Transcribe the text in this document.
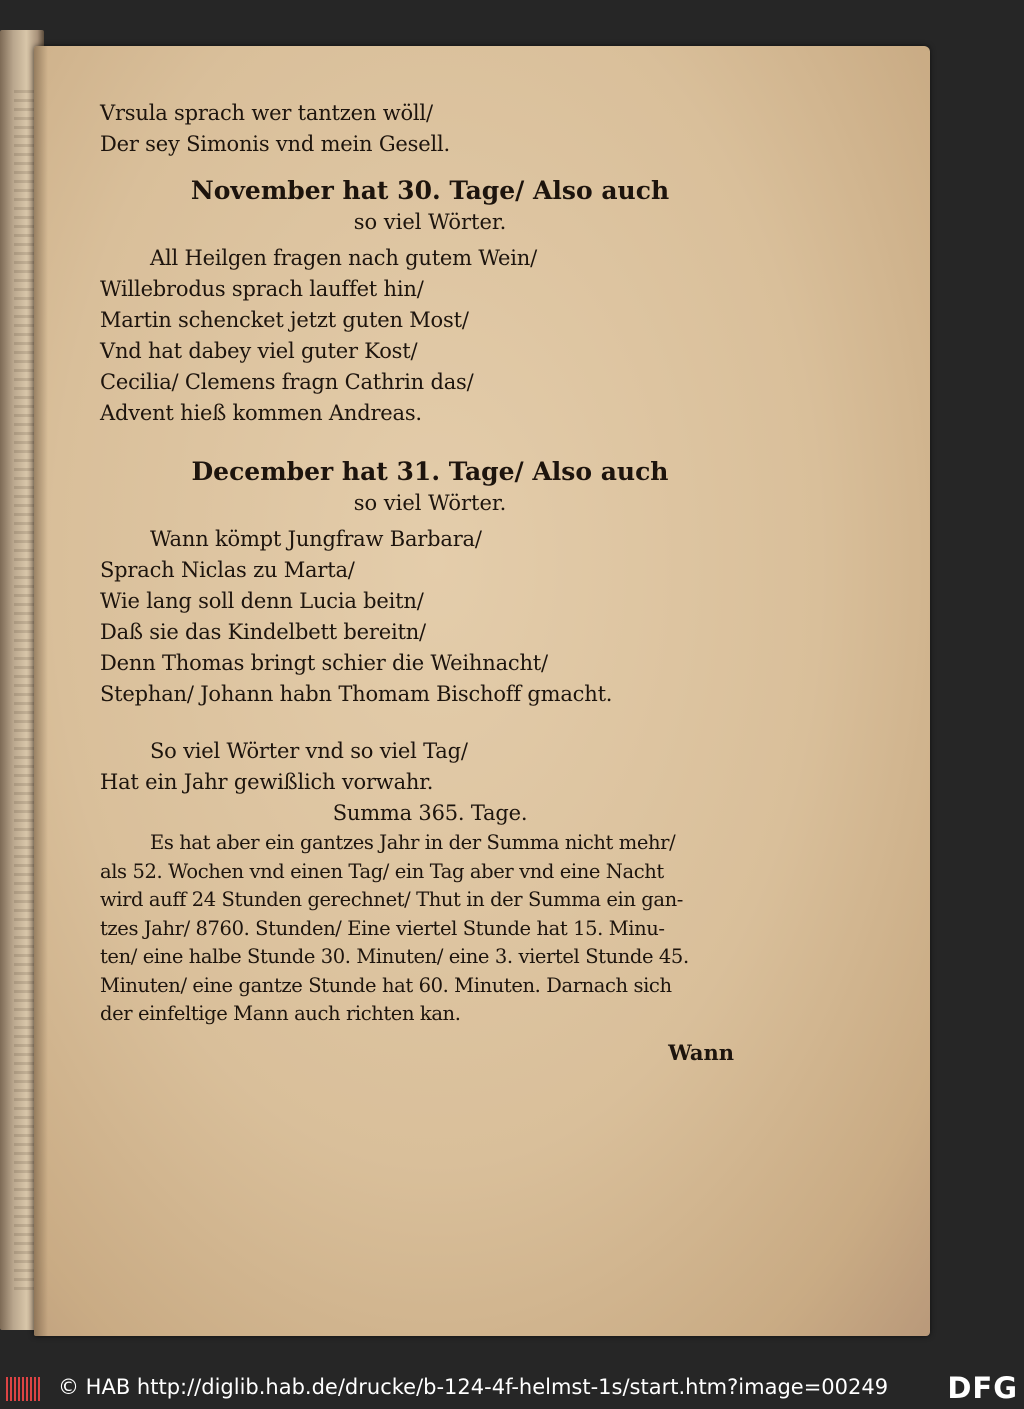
Vrsula sprach wer tantzen wöll/
Der sey Simonis vnd mein Gesell.
November hat 30. Tage/ Also auch
so viel Wörter.
All Heilgen fragen nach gutem Wein/
Willebrodus sprach lauffet hin/
Martin schencket jetzt guten Most/
Vnd hat dabey viel guter Kost/
Cecilia/ Clemens fragn Cathrin das/
Advent hieß kommen Andreas.
December hat 31. Tage/ Also auch
so viel Wörter.
Wann kömpt Jungfraw Barbara/
Sprach Niclas zu Marta/
Wie lang soll denn Lucia beitn/
Daß sie das Kindelbett bereitn/
Denn Thomas bringt schier die Weihnacht/
Stephan/ Johann habn Thomam Bischoff gmacht.
So viel Wörter vnd so viel Tag/
Hat ein Jahr gewißlich vorwahr.
Summa 365. Tage.
Es hat aber ein gantzes Jahr in der Summa nicht mehr/
als 52. Wochen vnd einen Tag/ ein Tag aber vnd eine Nacht
wird auff 24 Stunden gerechnet/ Thut in der Summa ein gan-
tzes Jahr/ 8760. Stunden/ Eine viertel Stunde hat 15. Minu-
ten/ eine halbe Stunde 30. Minuten/ eine 3. viertel Stunde 45.
Minuten/ eine gantze Stunde hat 60. Minuten. Darnach sich
der einfeltige Mann auch richten kan.
Wann
© HAB http://diglib.hab.de/drucke/b-124-4f-helmst-1s/start.htm?image=00249 DFG
